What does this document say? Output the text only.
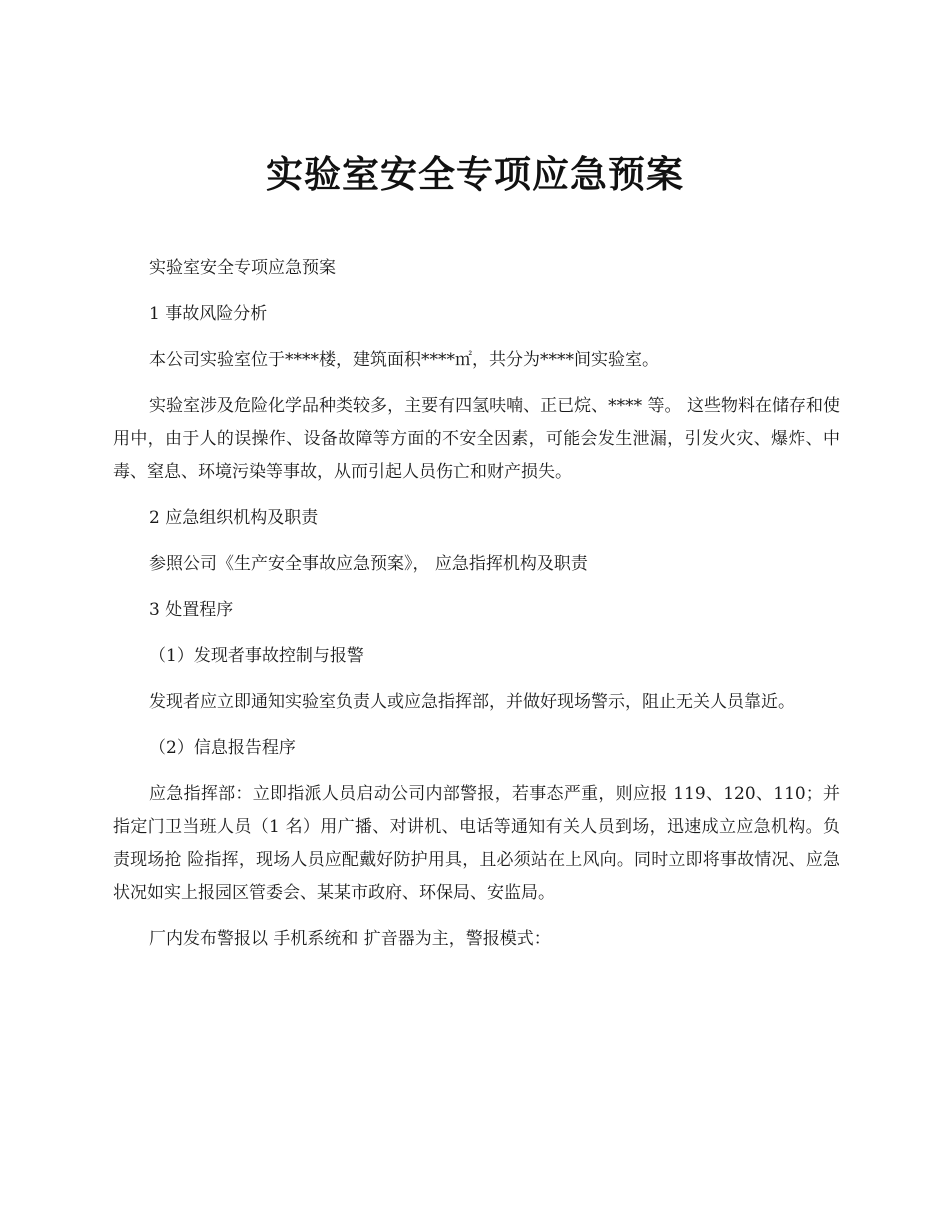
实验室安全专项应急预案

实验室安全专项应急预案

1 事故风险分析

本公司实验室位于****楼，建筑面积****㎡，共分为****间实验室。

实验室涉及危险化学品种类较多，主要有四氢呋喃、正已烷、**** 等。 这些物料在储存和使用中，由于人的误操作、设备故障等方面的不安全因素，可能会发生泄漏，引发火灾、爆炸、中毒、窒息、环境污染等事故，从而引起人员伤亡和财产损失。

2 应急组织机构及职责

参照公司《生产安全事故应急预案》， 应急指挥机构及职责

3 处置程序

（1）发现者事故控制与报警

发现者应立即通知实验室负责人或应急指挥部，并做好现场警示，阻止无关人员靠近。

（2）信息报告程序

应急指挥部：立即指派人员启动公司内部警报，若事态严重，则应报 119、120、110；并指定门卫当班人员（1 名）用广播、对讲机、电话等通知有关人员到场，迅速成立应急机构。负责现场抢 险指挥，现场人员应配戴好防护用具，且必须站在上风向。同时立即将事故情况、应急状况如实上报园区管委会、某某市政府、环保局、安监局。

厂内发布警报以 手机系统和 扩音器为主，警报模式：
